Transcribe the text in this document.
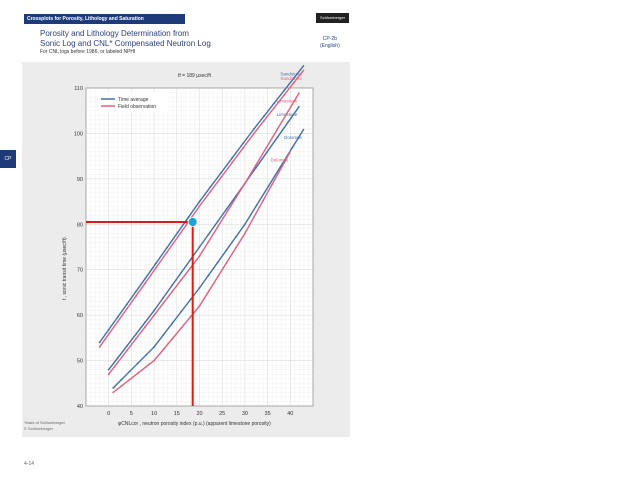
Crossplots for Porosity, Lithology and Saturation	Schlumberger
Porosity and Lithology Determination from
Sonic Log and CNL* Compensated Neutron Log
For CNL logs before 1986, or labeled NPHI
CP-2b
(English)
CP
*Mark of Schlumberger
© Schlumberger
4-14
Sandstone
Sandstone
Limestone
Limestone
Dolomite
Dolomite
0	5	10	15	20	25	30	35	40
40
50
60
70
80
90
100
110
tf = 189 μsec/ft
φCNLcor , neutron porosity index (p.u.) (apparent limestone porosity)
t , sonic transit time (μsec/ft)
Time average
Field observation
Neutron-Sonic
Crossplot
Chart
CP-2b
Porosity = 20.1%
Or
Porosity = 21.4%
